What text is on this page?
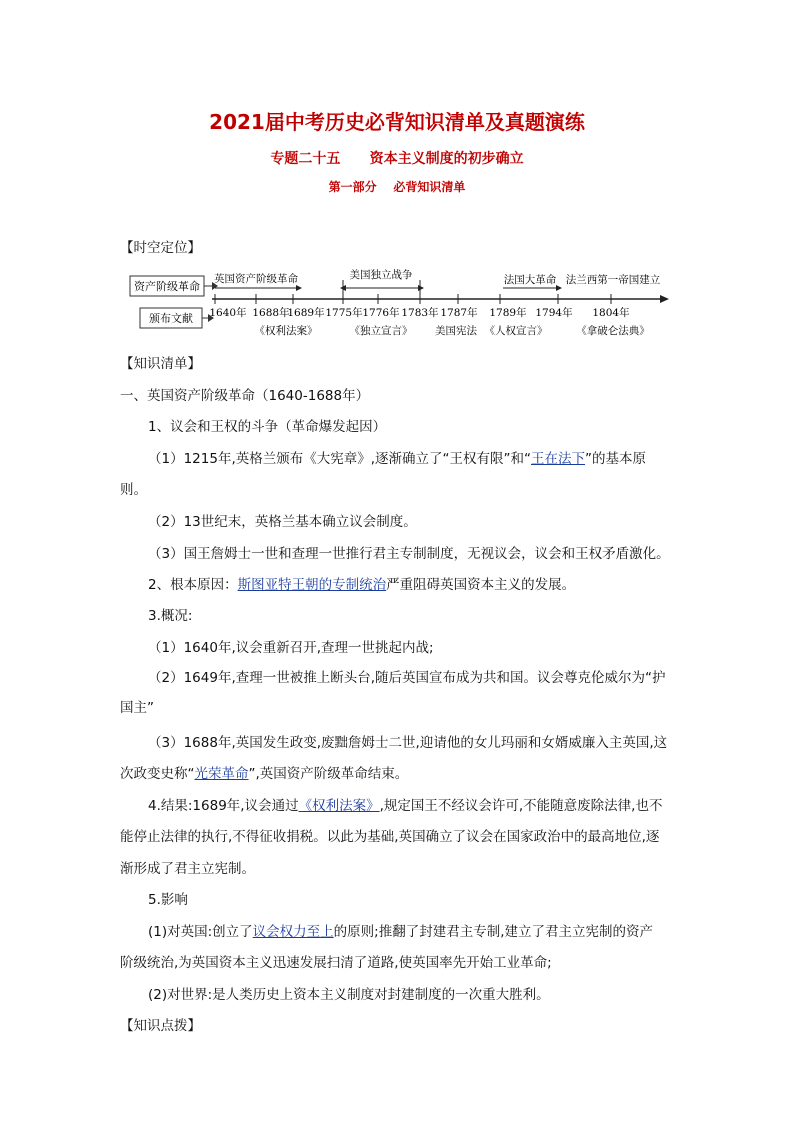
2021届中考历史必背知识清单及真题演练
专题二十五      资本主义制度的初步确立
第一部分    必背知识清单
【时空定位】
资产阶级革命
颁布文献
英国资产阶级革命	美国独立战争	法国大革命 法兰西第一帝国建立
1640年 1688年
1689年 1775年 1776年 1783年 1787年 1789年 1794年 1804年
《权利法案》	《独立宣言》 美国宪法 《人权宣言》	《拿破仑法典》
【知识清单】
一、英国资产阶级革命（1640-1688年）
1、议会和王权的斗争（革命爆发起因）
（1）1215年,英格兰颁布《大宪章》,逐渐确立了“王权有限”和“王在法下”的基本原
则。
（2）13世纪末，英格兰基本确立议会制度。
（3）国王詹姆士一世和查理一世推行君主专制制度，无视议会，议会和王权矛盾激化。
2、根本原因：斯图亚特王朝的专制统治严重阻碍英国资本主义的发展。
3.概况:
（1）1640年,议会重新召开,查理一世挑起内战;
（2）1649年,查理一世被推上断头台,随后英国宣布成为共和国。议会尊克伦威尔为“护
国主”
（3）1688年,英国发生政变,废黜詹姆士二世,迎请他的女儿玛丽和女婿威廉入主英国,这
次政变史称“光荣革命”,英国资产阶级革命结束。
4.结果:1689年,议会通过《权利法案》,规定国王不经议会许可,不能随意废除法律,也不
能停止法律的执行,不得征收捐税。以此为基础,英国确立了议会在国家政治中的最高地位,逐
渐形成了君主立宪制。
5.影响
(1)对英国:创立了议会权力至上的原则;推翻了封建君主专制,建立了君主立宪制的资产
阶级统治,为英国资本主义迅速发展扫清了道路,使英国率先开始工业革命;
(2)对世界:是人类历史上资本主义制度对封建制度的一次重大胜利。
【知识点拨】
